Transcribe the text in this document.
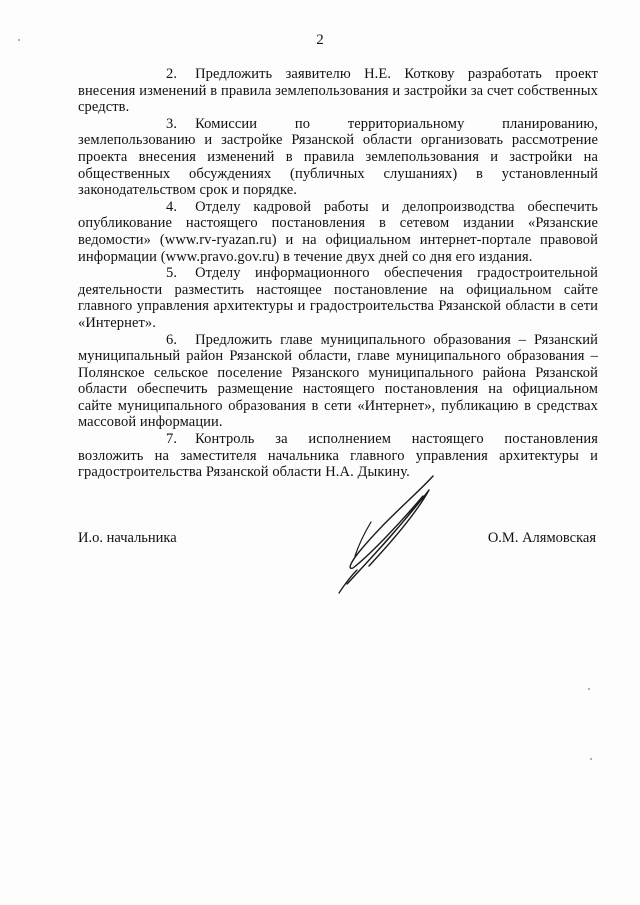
2

2. Предложить заявителю Н.Е. Коткову разработать проект внесения изменений в правила землепользования и застройки за счет собственных средств.

3. Комиссии по территориальному планированию, землепользованию и застройке Рязанской области организовать рассмотрение проекта внесения изменений в правила землепользования и застройки на общественных обсуждениях (публичных слушаниях) в установленный законодательством срок и порядке.

4. Отделу кадровой работы и делопроизводства обеспечить опубликование настоящего постановления в сетевом издании «Рязанские ведомости» (www.rv-ryazan.ru) и на официальном интернет-портале правовой информации (www.pravo.gov.ru) в течение двух дней со дня его издания.

5. Отделу информационного обеспечения градостроительной деятельности разместить настоящее постановление на официальном сайте главного управления архитектуры и градостроительства Рязанской области в сети «Интернет».

6. Предложить главе муниципального образования – Рязанский муниципальный район Рязанской области, главе муниципального образования – Полянское сельское поселение Рязанского муниципального района Рязанской области обеспечить размещение настоящего постановления на официальном сайте муниципального образования в сети «Интернет», публикацию в средствах массовой информации.

7. Контроль за исполнением настоящего постановления возложить на заместителя начальника главного управления архитектуры и градостроительства Рязанской области Н.А. Дыкину.

И.о. начальника	О.М. Алямовская
